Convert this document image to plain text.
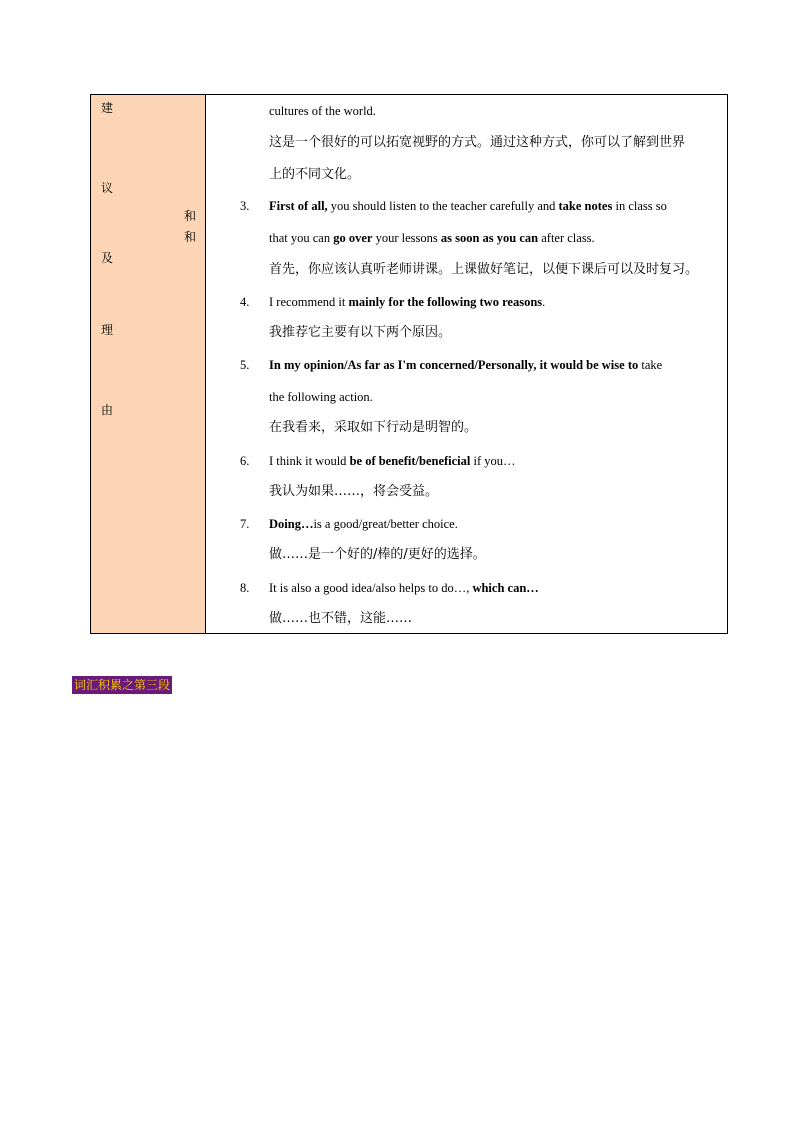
建
议
和
和
及
理
由
cultures of the world.
这是一个很好的可以拓宽视野的方式。通过这种方式，你可以了解到世界
上的不同文化。
3. First of all, you should listen to the teacher carefully and take notes in class so
that you can go over your lessons as soon as you can after class.
首先，你应该认真听老师讲课。上课做好笔记，以便下课后可以及时复习。
4. I recommend it mainly for the following two reasons.
我推荐它主要有以下两个原因。
5. In my opinion/As far as I'm concerned/Personally, it would be wise to take
the following action.
在我看来，采取如下行动是明智的。
6. I think it would be of benefit/beneficial if you…
我认为如果……，将会受益。
7. Doing…is a good/great/better choice.
做……是一个好的/棒的/更好的选择。
8. It is also a good idea/also helps to do…, which can…
做……也不错，这能……
词汇积累之第三段
